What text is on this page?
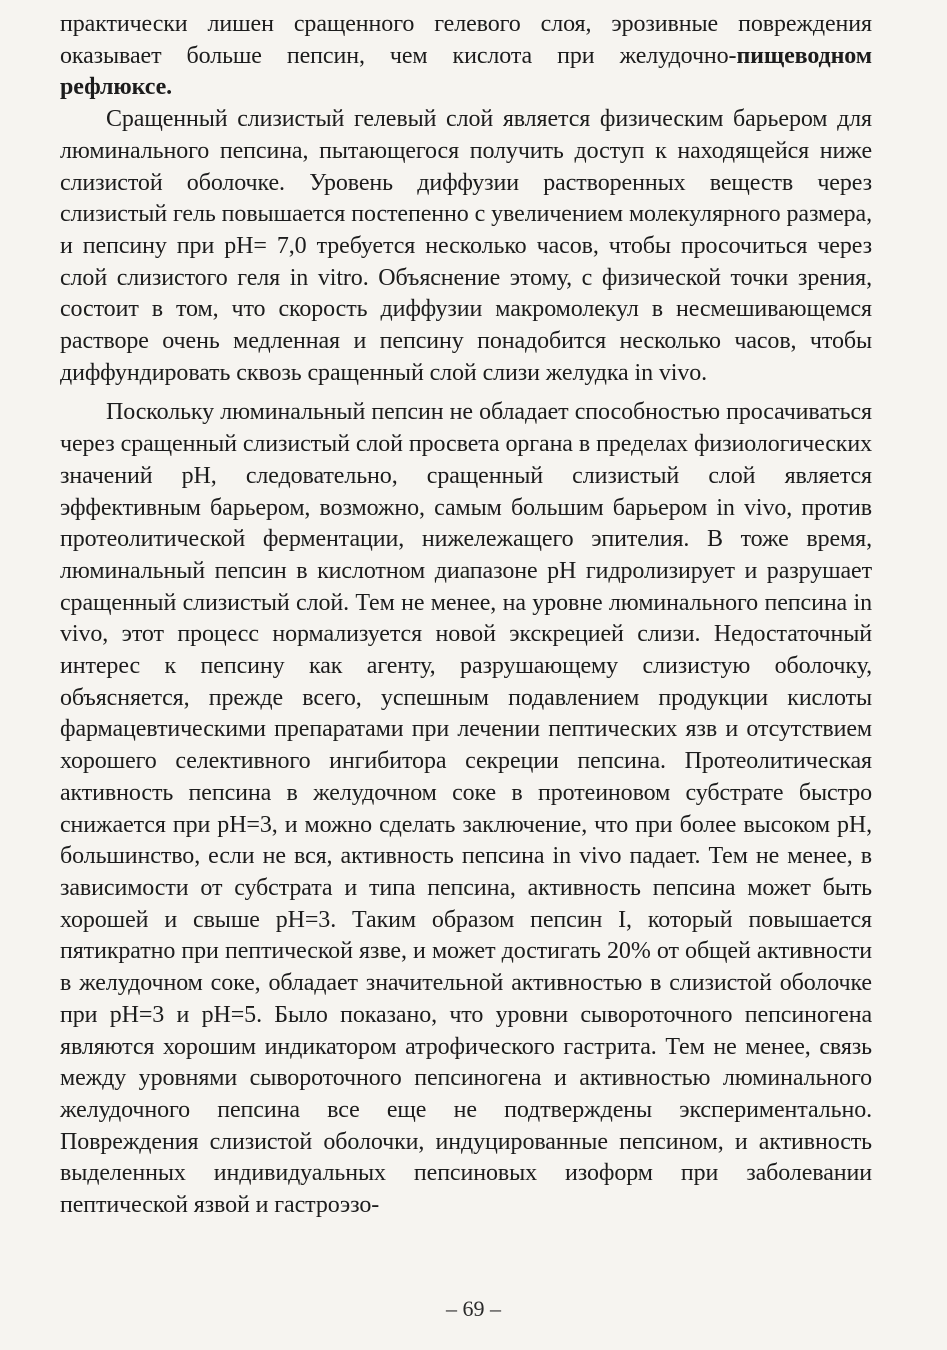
практически лишен сращенного гелевого слоя, эрозивные повреждения оказывает больше пепсин, чем кислота при желудочно-пищеводном рефлюксе.

Сращенный слизистый гелевый слой является физическим барьером для люминального пепсина, пытающегося получить доступ к находящейся ниже слизистой оболочке. Уровень диффузии растворенных веществ через слизистый гель повышается постепенно с увеличением молекулярного размера, и пепсину при pH= 7,0 требуется несколько часов, чтобы просочиться через слой слизистого геля in vitro. Объяснение этому, с физической точки зрения, состоит в том, что скорость диффузии макромолекул в несмешивающемся растворе очень медленная и пепсину понадобится несколько часов, чтобы диффундировать сквозь сращенный слой слизи желудка in vivo.

Поскольку люминальный пепсин не обладает способностью просачиваться через сращенный слизистый слой просвета органа в пределах физиологических значений pH, следовательно, сращенный слизистый слой является эффективным барьером, возможно, самым большим барьером in vivo, против протеолитической ферментации, нижележащего эпителия. В тоже время, люминальный пепсин в кислотном диапазоне pH гидролизирует и разрушает сращенный слизистый слой. Тем не менее, на уровне люминального пепсина in vivo, этот процесс нормализуется новой экскрецией слизи. Недостаточный интерес к пепсину как агенту, разрушающему слизистую оболочку, объясняется, прежде всего, успешным подавлением продукции кислоты фармацевтическими препаратами при лечении пептических язв и отсутствием хорошего селективного ингибитора секреции пепсина. Протеолитическая активность пепсина в желудочном соке в протеиновом субстрате быстро снижается при pH=3, и можно сделать заключение, что при более высоком pH, большинство, если не вся, активность пепсина in vivo падает. Тем не менее, в зависимости от субстрата и типа пепсина, активность пепсина может быть хорошей и свыше pH=3. Таким образом пепсин I, который повышается пятикратно при пептической язве, и может достигать 20% от общей активности в желудочном соке, обладает значительной активностью в слизистой оболочке при pH=3 и pH=5. Было показано, что уровни сывороточного пепсиногена являются хорошим индикатором атрофического гастрита. Тем не менее, связь между уровнями сывороточного пепсиногена и активностью люминального желудочного пепсина все еще не подтверждены экспериментально. Повреждения слизистой оболочки, индуцированные пепсином, и активность выделенных индивидуальных пепсиновых изоформ при заболевании пептической язвой и гастроэзо-

– 69 –
